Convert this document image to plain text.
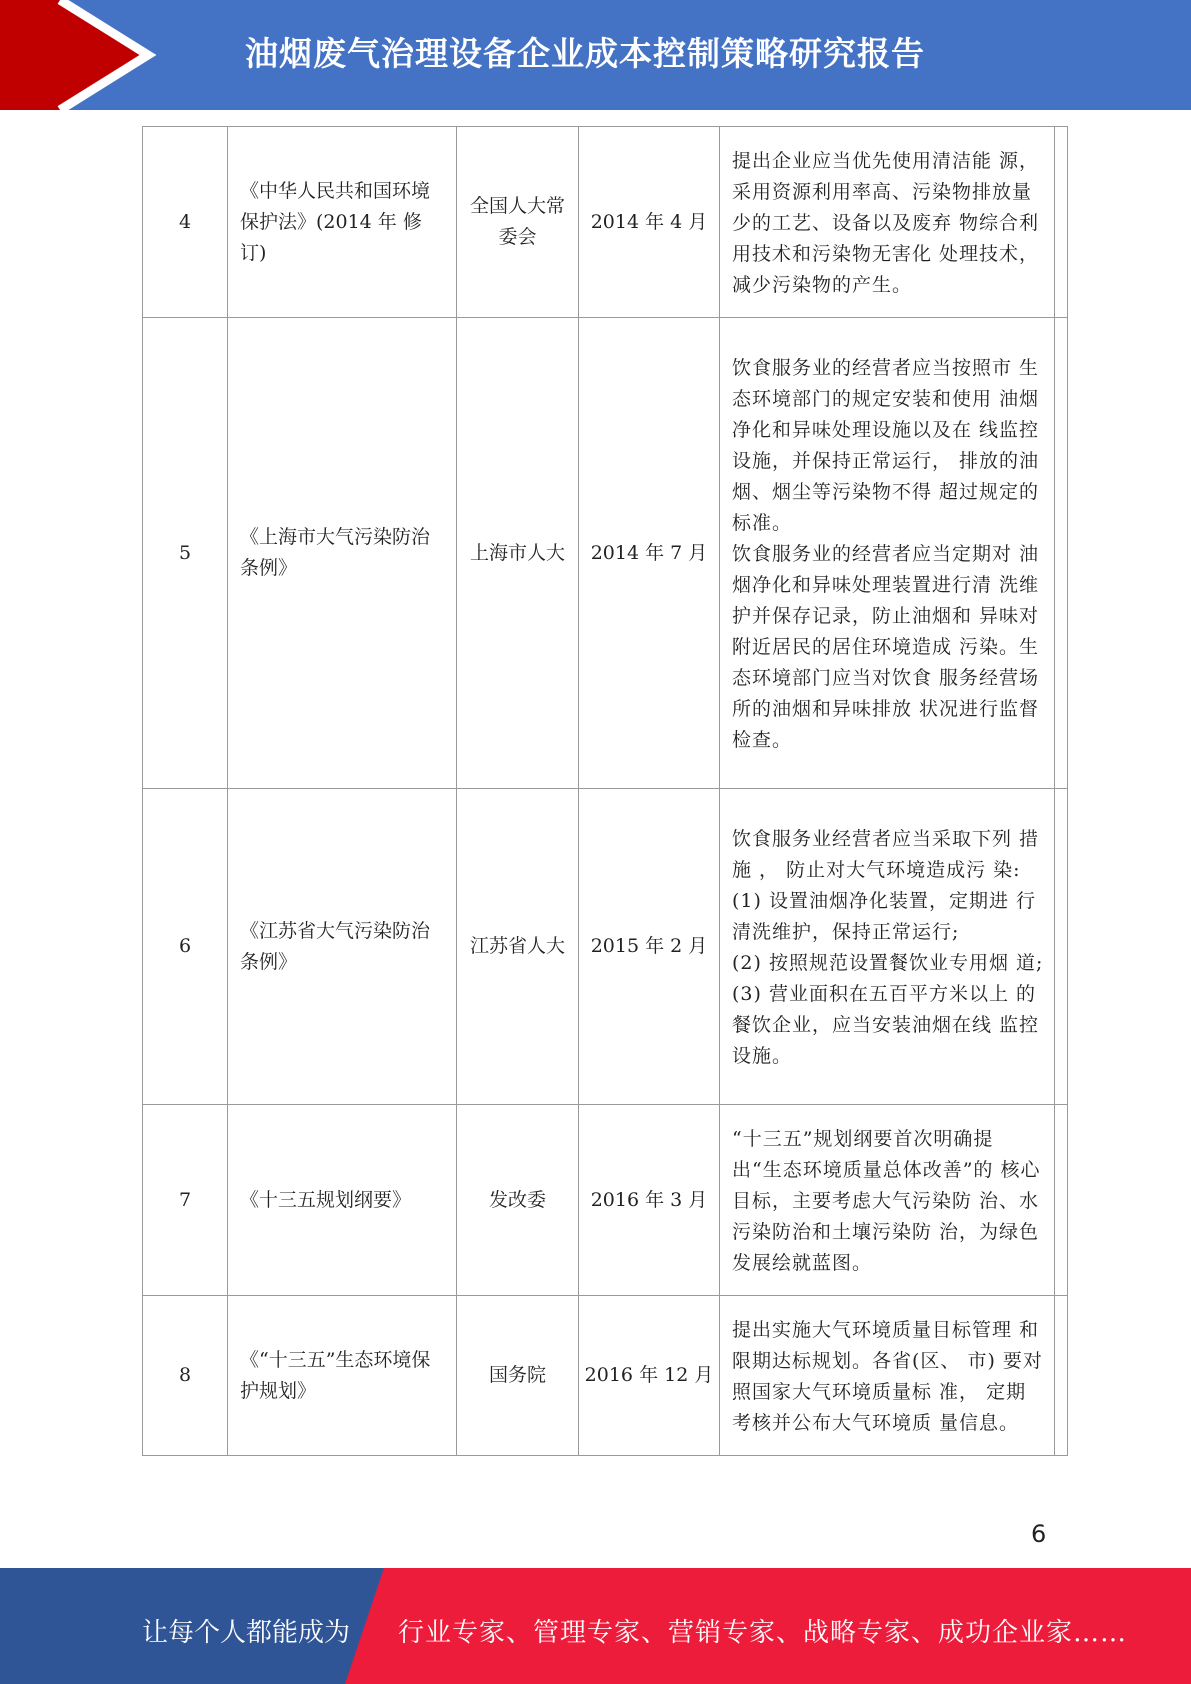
油烟废气治理设备企业成本控制策略研究报告
4	《中华人民共和国环境保护法》(2014 年 修订)	全国人大常委会	2014 年 4 月	提出企业应当优先使用清洁能 源，采用资源利用率高、污染物排放量少的工艺、设备以及废弃 物综合利用技术和污染物无害化 处理技术， 减少污染物的产生。	
5	《上海市大气污染防治条例》	上海市人大	2014 年 7 月	饮食服务业的经营者应当按照市 生态环境部门的规定安装和使用 油烟净化和异味处理设施以及在 线监控设施，并保持正常运行， 排放的油烟、烟尘等污染物不得 超过规定的标准。
饮食服务业的经营者应当定期对 油烟净化和异味处理装置进行清 洗维护并保存记录，防止油烟和 异味对附近居民的居住环境造成 污染。生态环境部门应当对饮食 服务经营场所的油烟和异味排放 状况进行监督检查。	
6	《江苏省大气污染防治条例》	江苏省人大	2015 年 2 月	饮食服务业经营者应当采取下列 措施 ， 防止对大气环境造成污 染:
(1) 设置油烟净化装置，定期进 行清洗维护，保持正常运行;
(2) 按照规范设置餐饮业专用烟 道;
(3) 营业面积在五百平方米以上 的餐饮企业，应当安装油烟在线 监控设施。	
7	《十三五规划纲要》	发改委	2016 年 3 月	“十三五”规划纲要首次明确提 出“生态环境质量总体改善”的 核心目标，主要考虑大气污染防 治、水污染防治和土壤污染防 治，为绿色发展绘就蓝图。	
8	《“十三五”生态环境保护规划》	国务院	2016 年 12 月	提出实施大气环境质量目标管理 和限期达标规划。各省(区、 市) 要对照国家大气环境质量标 准， 定期考核并公布大气环境质 量信息。	
6
让每个人都能成为 行业专家、管理专家、营销专家、战略专家、成功企业家……
